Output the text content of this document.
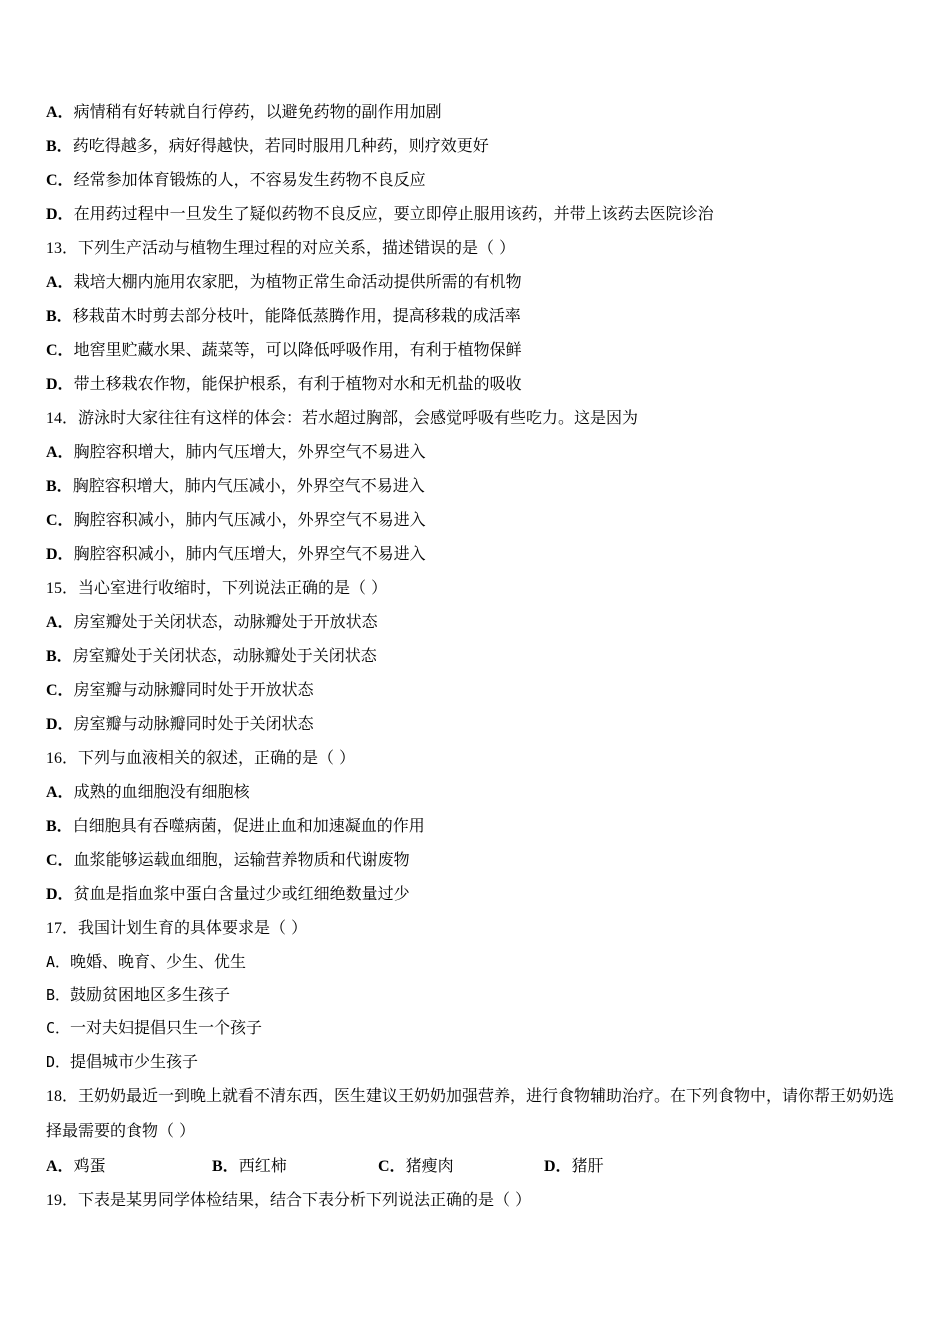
A．病情稍有好转就自行停药，以避免药物的副作用加剧
B．药吃得越多，病好得越快，若同时服用几种药，则疗效更好
C．经常参加体育锻炼的人，不容易发生药物不良反应
D．在用药过程中一旦发生了疑似药物不良反应，要立即停止服用该药，并带上该药去医院诊治
13．下列生产活动与植物生理过程的对应关系，描述错误的是（ ）
A．栽培大棚内施用农家肥，为植物正常生命活动提供所需的有机物
B．移栽苗木时剪去部分枝叶，能降低蒸腾作用，提高移栽的成活率
C．地窖里贮藏水果、蔬菜等，可以降低呼吸作用，有利于植物保鲜
D．带土移栽农作物，能保护根系，有利于植物对水和无机盐的吸收
14．游泳时大家往往有这样的体会：若水超过胸部，会感觉呼吸有些吃力。这是因为
A．胸腔容积增大，肺内气压增大，外界空气不易进入
B．胸腔容积增大，肺内气压减小，外界空气不易进入
C．胸腔容积减小，肺内气压减小，外界空气不易进入
D．胸腔容积减小，肺内气压增大，外界空气不易进入
15．当心室进行收缩时，下列说法正确的是（ ）
A．房室瓣处于关闭状态，动脉瓣处于开放状态
B．房室瓣处于关闭状态，动脉瓣处于关闭状态
C．房室瓣与动脉瓣同时处于开放状态
D．房室瓣与动脉瓣同时处于关闭状态
16．下列与血液相关的叙述，正确的是（ ）
A．成熟的血细胞没有细胞核
B．白细胞具有吞噬病菌，促进止血和加速凝血的作用
C．血浆能够运载血细胞，运输营养物质和代谢废物
D．贫血是指血浆中蛋白含量过少或红细绝数量过少
17．我国计划生育的具体要求是（ ）
A．晚婚、晚育、少生、优生
B．鼓励贫困地区多生孩子
C．一对夫妇提倡只生一个孩子
D．提倡城市少生孩子
18．王奶奶最近一到晚上就看不清东西，医生建议王奶奶加强营养，进行食物辅助治疗。在下列食物中，请你帮王奶奶选择最需要的食物（ ）
A．鸡蛋	B．西红柿	C．猪瘦肉	D．猪肝
19．下表是某男同学体检结果，结合下表分析下列说法正确的是（ ）
